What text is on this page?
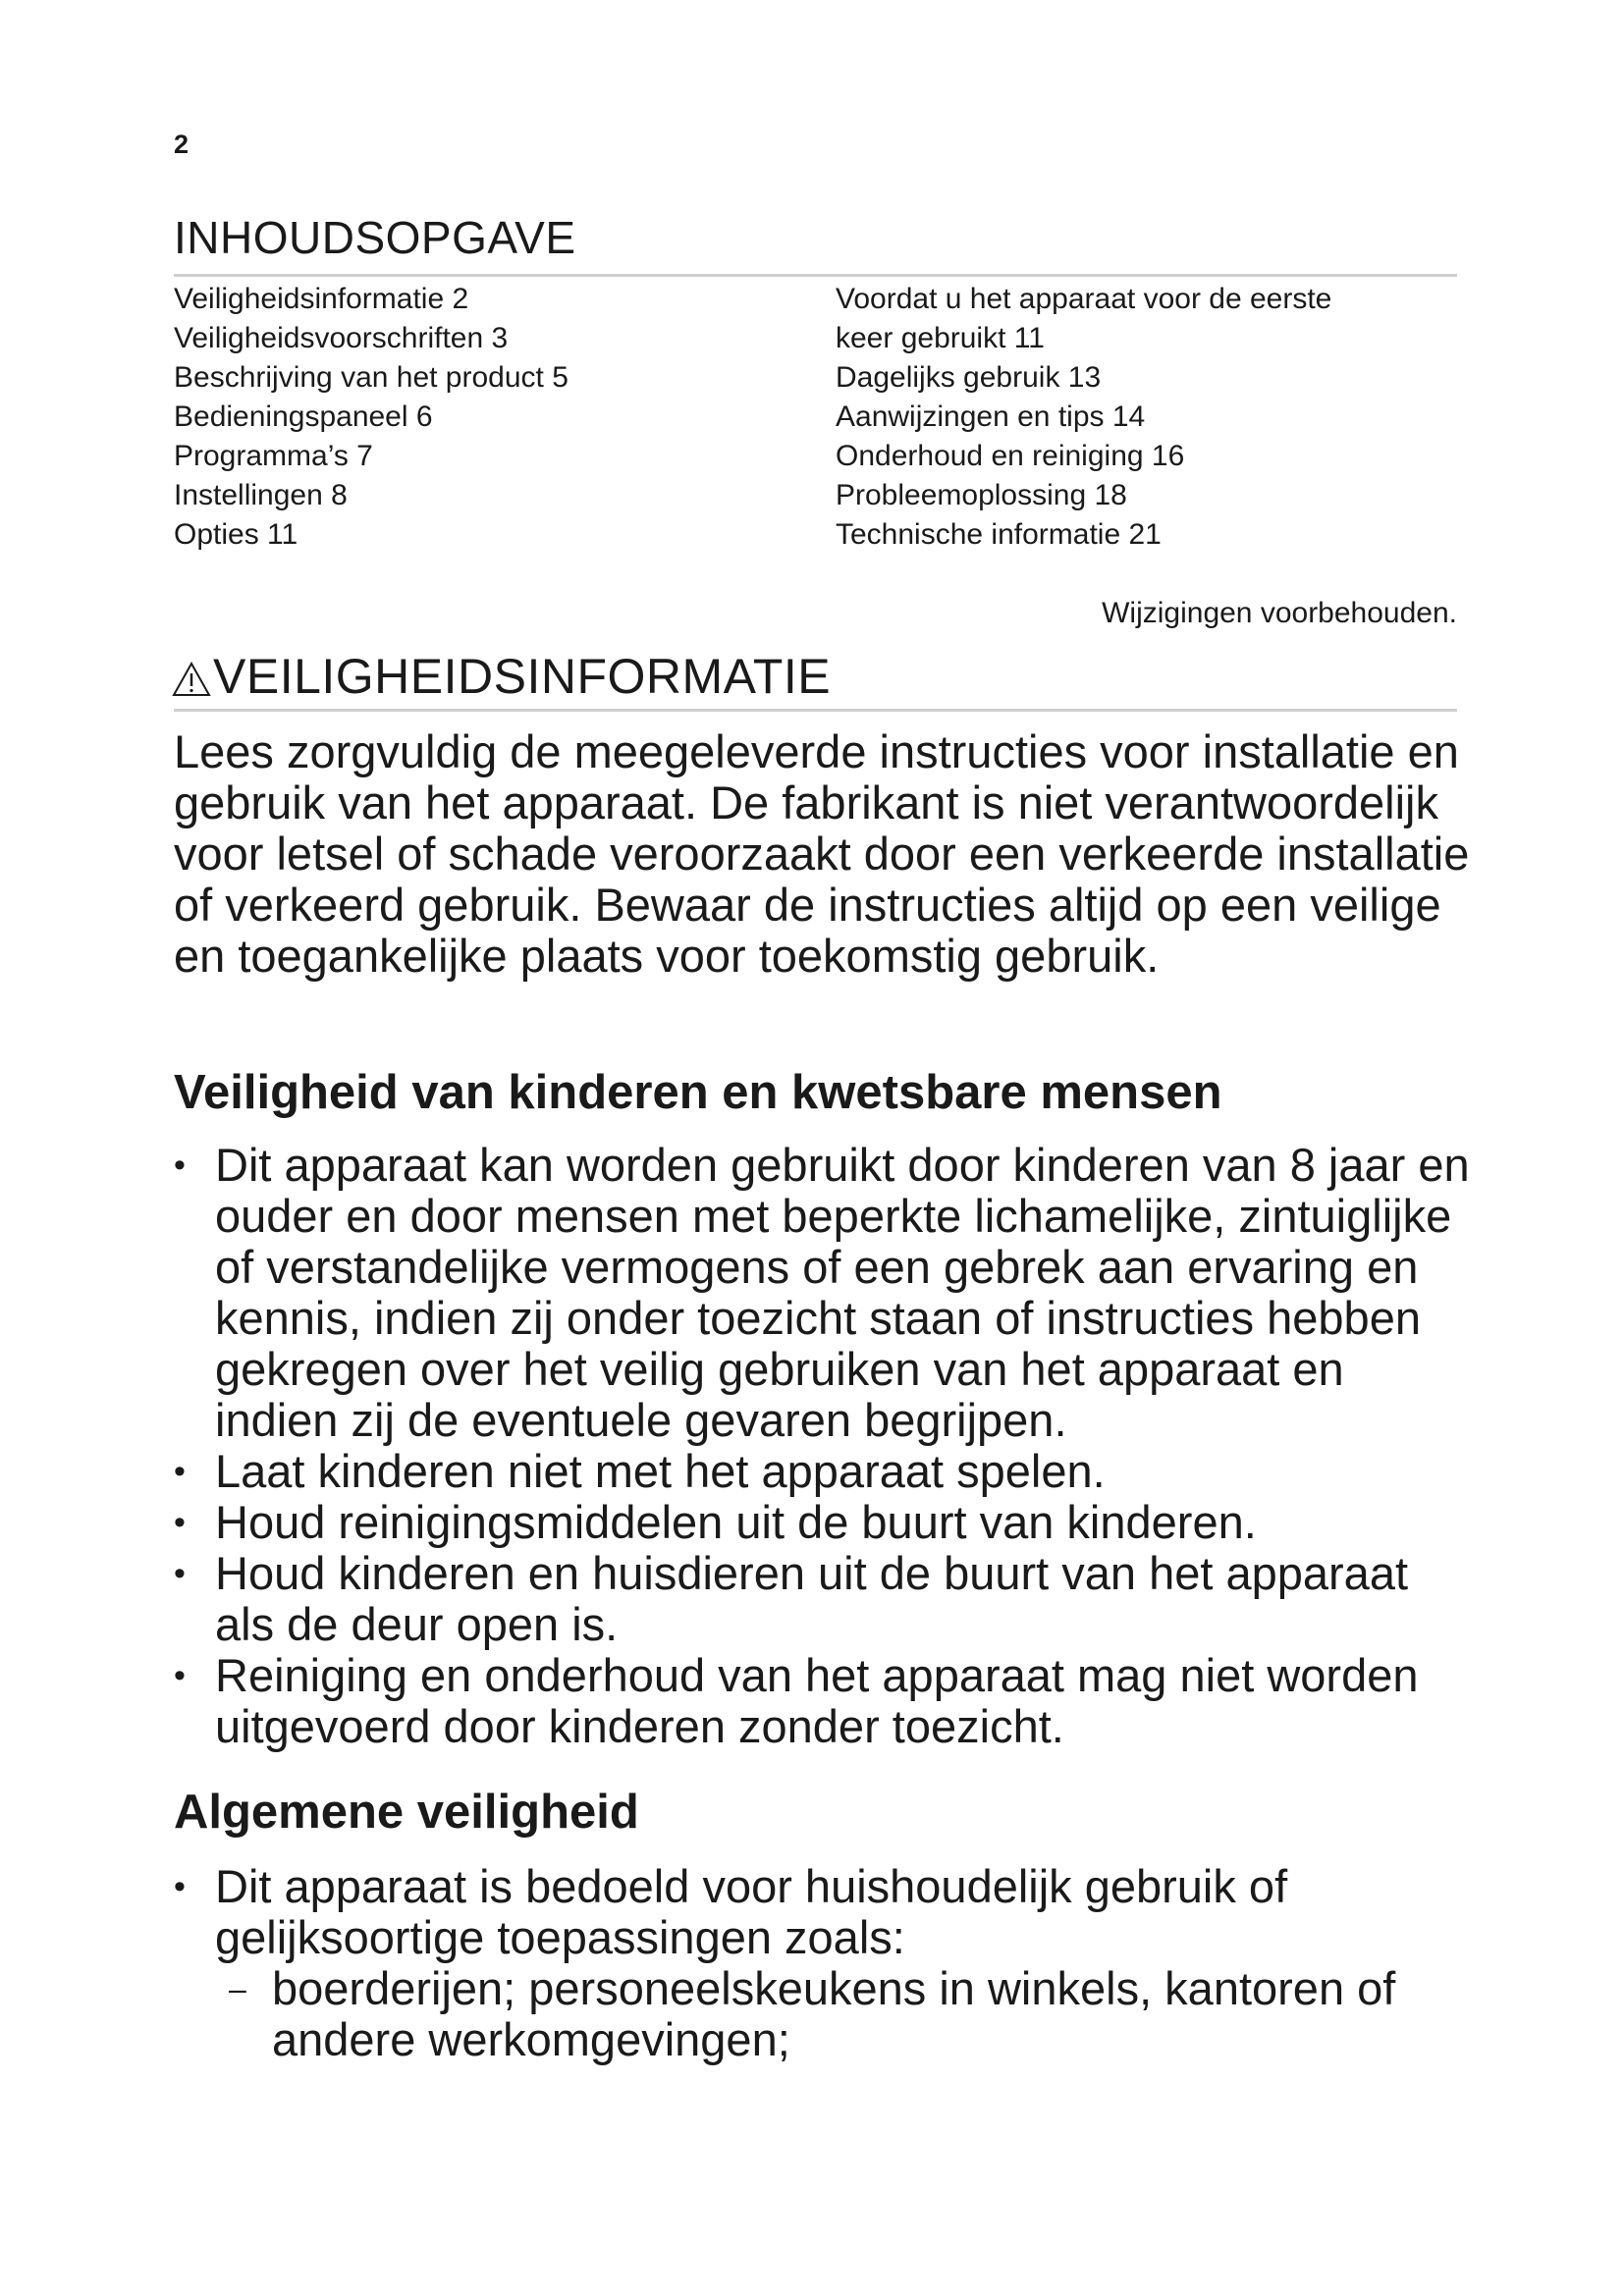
2
INHOUDSOPGAVE
Veiligheidsinformatie 2
Veiligheidsvoorschriften 3
Beschrijving van het product 5
Bedieningspaneel 6
Programma’s 7
Instellingen 8
Opties 11
Voordat u het apparaat voor de eerste
keer gebruikt 11
Dagelijks gebruik 13
Aanwijzingen en tips 14
Onderhoud en reiniging 16
Probleemoplossing 18
Technische informatie 21
Wijzigingen voorbehouden.
VEILIGHEIDSINFORMATIE

Lees zorgvuldig de meegeleverde instructies voor installatie en gebruik van het apparaat. De fabrikant is niet verantwoordelijk voor letsel of schade veroorzaakt door een verkeerde installatie of verkeerd gebruik. Bewaar de instructies altijd op een veilige en toegankelijke plaats voor toekomstig gebruik.

Veiligheid van kinderen en kwetsbare mensen
• Dit apparaat kan worden gebruikt door kinderen van 8 jaar en ouder en door mensen met beperkte lichamelijke, zintuiglijke of verstandelijke vermogens of een gebrek aan ervaring en kennis, indien zij onder toezicht staan of instructies hebben gekregen over het veilig gebruiken van het apparaat en indien zij de eventuele gevaren begrijpen.
• Laat kinderen niet met het apparaat spelen.
• Houd reinigingsmiddelen uit de buurt van kinderen.
• Houd kinderen en huisdieren uit de buurt van het apparaat als de deur open is.
• Reiniging en onderhoud van het apparaat mag niet worden uitgevoerd door kinderen zonder toezicht.
Algemene veiligheid
• Dit apparaat is bedoeld voor huishoudelijk gebruik of gelijksoortige toepassingen zoals:
– boerderijen; personeelskeukens in winkels, kantoren of andere werkomgevingen;
